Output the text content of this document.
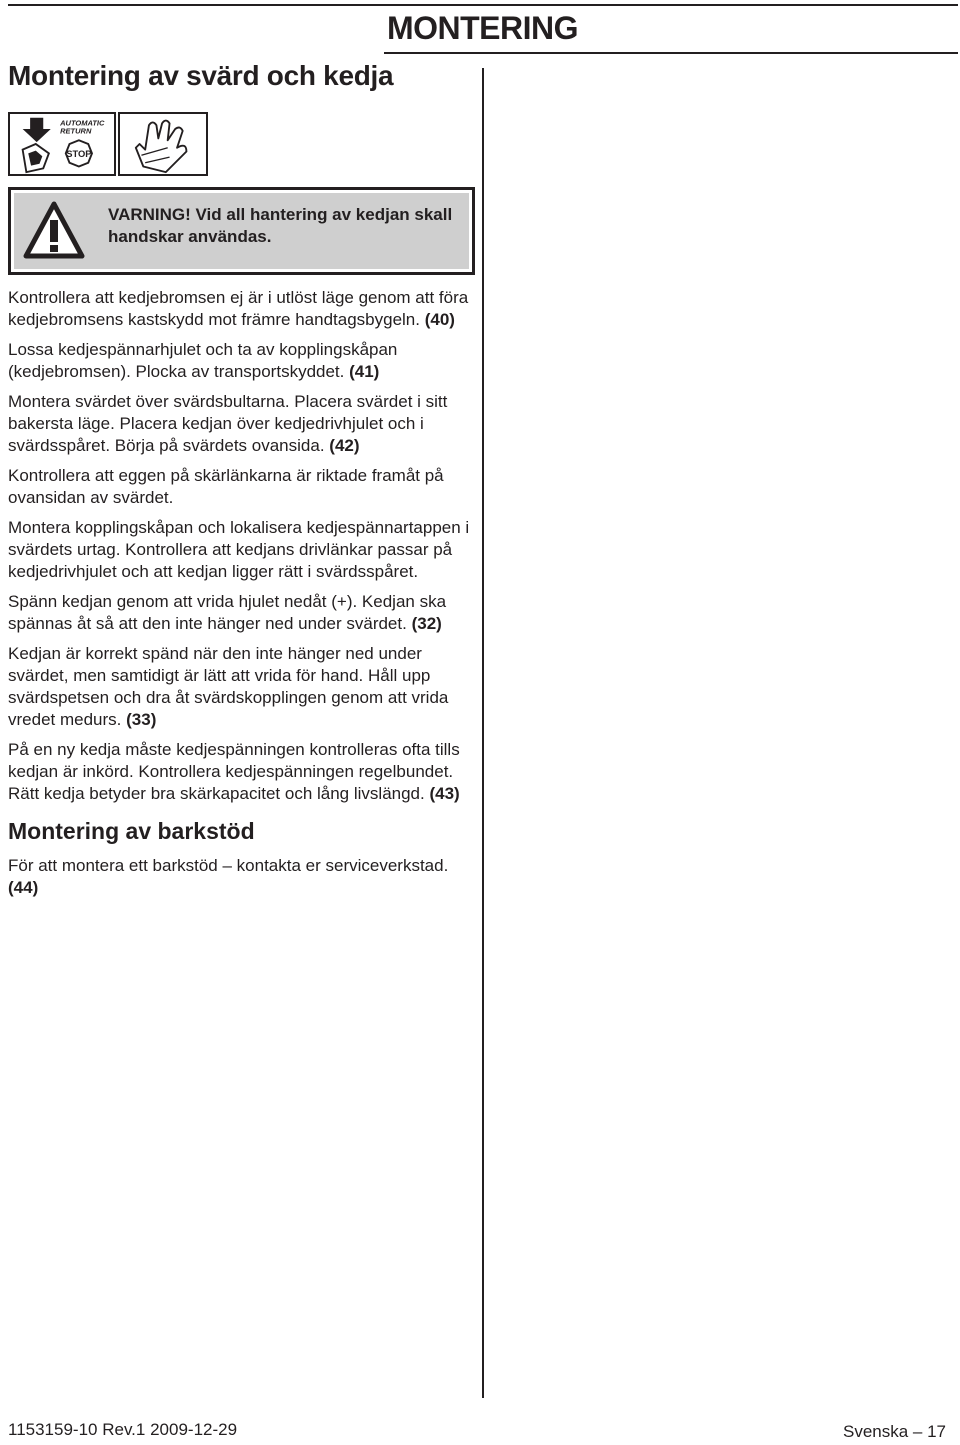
MONTERING
Montering av svärd och kedja
AUTOMATIC
RETURN
STOP
VARNING! Vid all hantering av kedjan skall handskar användas.

Kontrollera att kedjebromsen ej är i utlöst läge genom att föra kedjebromsens kastskydd mot främre handtagsbygeln. (40)

Lossa kedjespännarhjulet och ta av kopplingskåpan (kedjebromsen). Plocka av transportskyddet. (41)

Montera svärdet över svärdsbultarna. Placera svärdet i sitt bakersta läge. Placera kedjan över kedjedrivhjulet och i svärdsspåret. Börja på svärdets ovansida. (42)

Kontrollera att eggen på skärlänkarna är riktade framåt på ovansidan av svärdet.

Montera kopplingskåpan och lokalisera kedjespännartappen i svärdets urtag. Kontrollera att kedjans drivlänkar passar på kedjedrivhjulet och att kedjan ligger rätt i svärdsspåret.

Spänn kedjan genom att vrida hjulet nedåt (+). Kedjan ska spännas åt så att den inte hänger ned under svärdet. (32)

Kedjan är korrekt spänd när den inte hänger ned under svärdet, men samtidigt är lätt att vrida för hand. Håll upp svärdspetsen och dra åt svärdskopplingen genom att vrida vredet medurs. (33)

På en ny kedja måste kedjespänningen kontrolleras ofta tills kedjan är inkörd. Kontrollera kedjespänningen regelbundet. Rätt kedja betyder bra skärkapacitet och lång livslängd. (43)

Montering av barkstöd

För att montera ett barkstöd – kontakta er serviceverkstad. (44)

1153159-10 Rev.1 2009-12-29	Svenska – 17
